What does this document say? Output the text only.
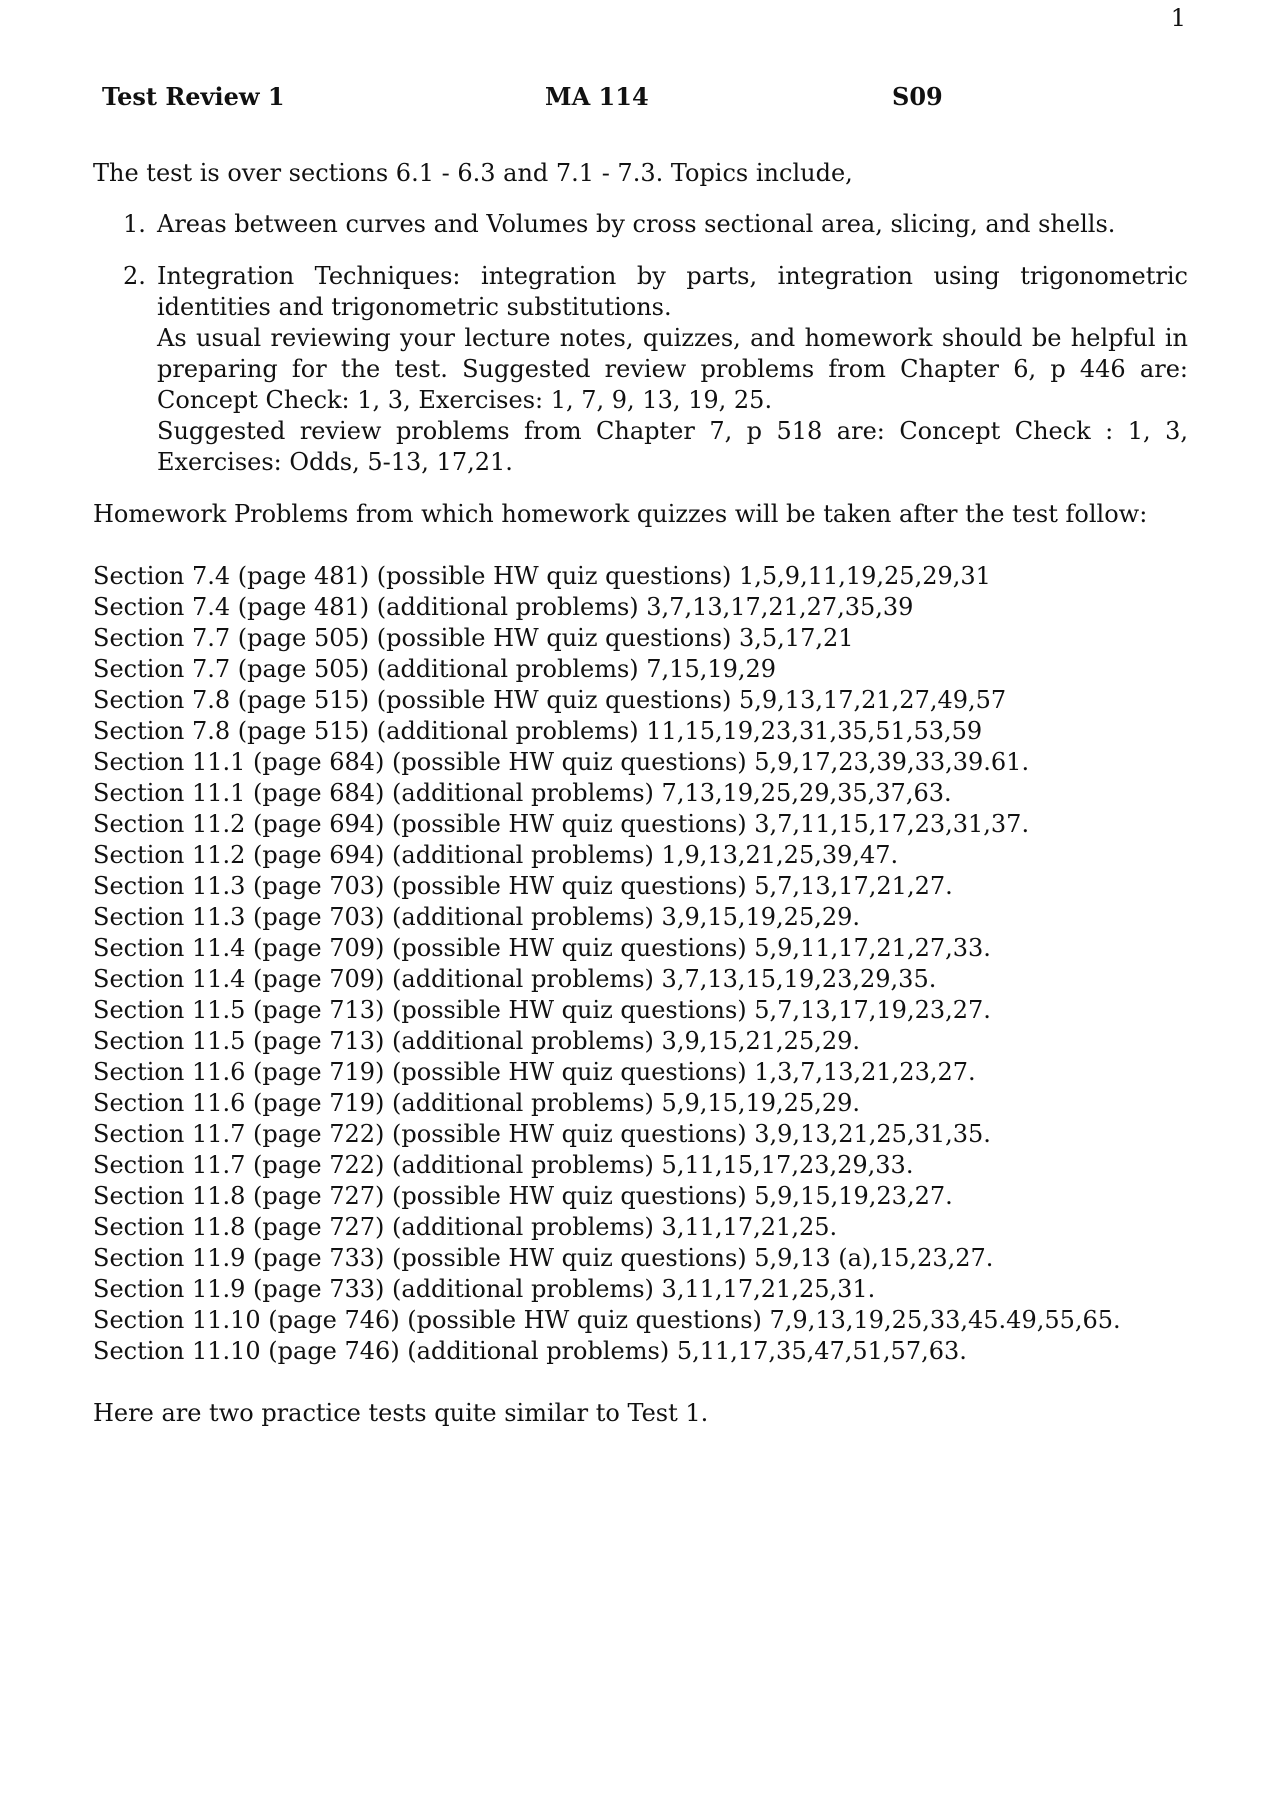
1
Test Review 1	MA 114	S09

The test is over sections 6.1 - 6.3 and 7.1 - 7.3. Topics include,

1. Areas between curves and Volumes by cross sectional area, slicing, and shells.

2. Integration Techniques: integration by parts, integration using trigonometric identities and trigonometric substitutions.

As usual reviewing your lecture notes, quizzes, and homework should be helpful in preparing for the test. Suggested review problems from Chapter 6, p 446 are: Concept Check: 1, 3, Exercises: 1, 7, 9, 13, 19, 25.

Suggested review problems from Chapter 7, p 518 are: Concept Check : 1, 3, Exercises: Odds, 5-13, 17,21.

Homework Problems from which homework quizzes will be taken after the test follow:

Section 7.4 (page 481) (possible HW quiz questions) 1,5,9,11,19,25,29,31
Section 7.4 (page 481) (additional problems) 3,7,13,17,21,27,35,39
Section 7.7 (page 505) (possible HW quiz questions) 3,5,17,21
Section 7.7 (page 505) (additional problems) 7,15,19,29
Section 7.8 (page 515) (possible HW quiz questions) 5,9,13,17,21,27,49,57
Section 7.8 (page 515) (additional problems) 11,15,19,23,31,35,51,53,59
Section 11.1 (page 684) (possible HW quiz questions) 5,9,17,23,39,33,39.61.
Section 11.1 (page 684) (additional problems) 7,13,19,25,29,35,37,63.
Section 11.2 (page 694) (possible HW quiz questions) 3,7,11,15,17,23,31,37.
Section 11.2 (page 694) (additional problems) 1,9,13,21,25,39,47.
Section 11.3 (page 703) (possible HW quiz questions) 5,7,13,17,21,27.
Section 11.3 (page 703) (additional problems) 3,9,15,19,25,29.
Section 11.4 (page 709) (possible HW quiz questions) 5,9,11,17,21,27,33.
Section 11.4 (page 709) (additional problems) 3,7,13,15,19,23,29,35.
Section 11.5 (page 713) (possible HW quiz questions) 5,7,13,17,19,23,27.
Section 11.5 (page 713) (additional problems) 3,9,15,21,25,29.
Section 11.6 (page 719) (possible HW quiz questions) 1,3,7,13,21,23,27.
Section 11.6 (page 719) (additional problems) 5,9,15,19,25,29.
Section 11.7 (page 722) (possible HW quiz questions) 3,9,13,21,25,31,35.
Section 11.7 (page 722) (additional problems) 5,11,15,17,23,29,33.
Section 11.8 (page 727) (possible HW quiz questions) 5,9,15,19,23,27.
Section 11.8 (page 727) (additional problems) 3,11,17,21,25.
Section 11.9 (page 733) (possible HW quiz questions) 5,9,13 (a),15,23,27.
Section 11.9 (page 733) (additional problems) 3,11,17,21,25,31.
Section 11.10 (page 746) (possible HW quiz questions) 7,9,13,19,25,33,45.49,55,65.
Section 11.10 (page 746) (additional problems) 5,11,17,35,47,51,57,63.

Here are two practice tests quite similar to Test 1.
